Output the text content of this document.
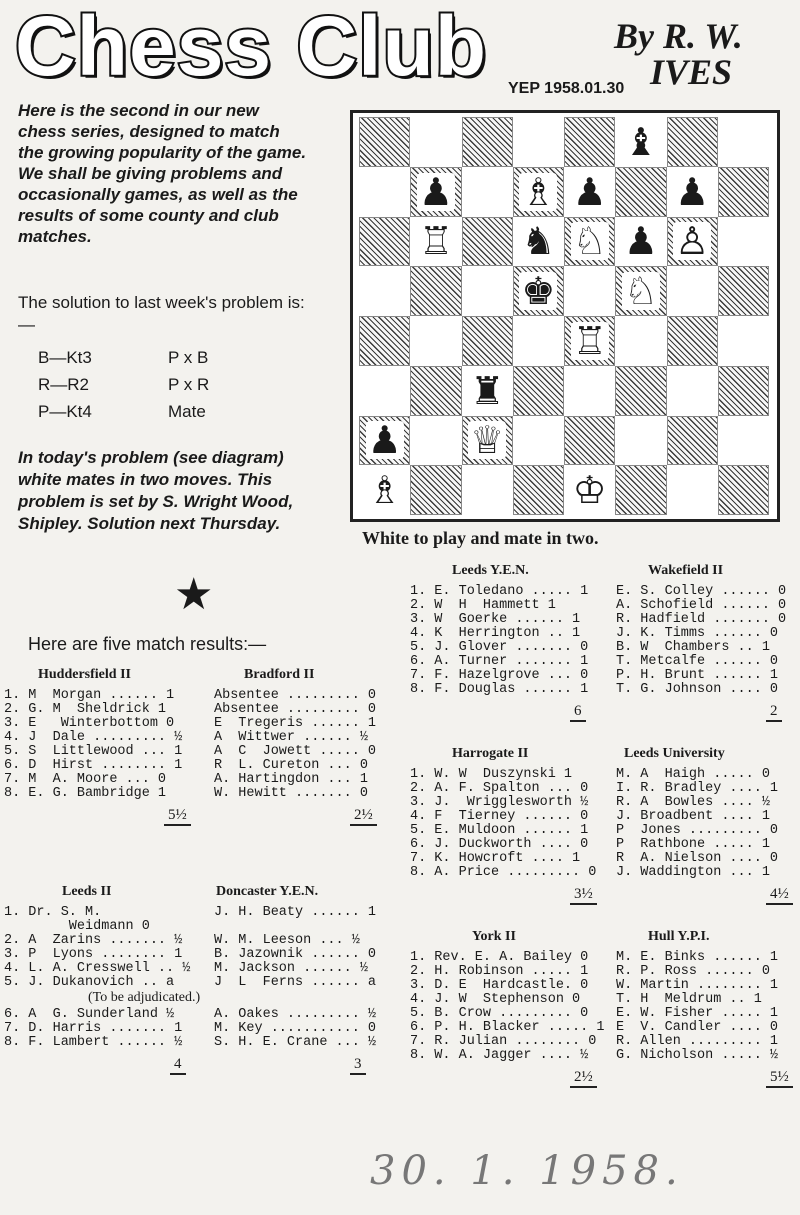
Chess Club	By R. W.
IVES
YEP 1958.01.30

Here is the second in our new chess series, designed to match the growing popularity of the game. We shall be giving problems and occasionally games, as well as the results of some county and club matches.

The solution to last week's problem is:—
B—Kt3	P x B
R—R2	P x R
P—Kt4	Mate
In today's problem (see diagram) white mates in two moves. This problem is set by S. Wright Wood, Shipley. Solution next Thursday.
♝
♟ ♗ ♟ ♟
♖ ♞ ♘ ♟ ♙
♚ ♘
♖
♜
♟ ♕
♗	♔
White to play and mate in two.
★
Here are five match results:—
Huddersfield II	Bradford II
1. M  Morgan ...... 1
2. G. M  Sheldrick 1
3. E   Winterbottom 0
4. J  Dale ......... ½
5. S  Littlewood ... 1
6. D  Hirst ........ 1
7. M  A. Moore ... 0
8. E. G. Bambridge 1
5½
Absentee ......... 0
Absentee ......... 0
E  Tregeris ...... 1
A  Wittwer ...... ½
A  C  Jowett ..... 0
R  L. Cureton ... 0
A. Hartingdon ... 1
W. Hewitt ....... 0
2½
Leeds II	Doncaster Y.E.N.
1. Dr. S. M.
Weidmann 0
2. A  Zarins ....... ½
3. P  Lyons ........ 1
4. L. A. Cresswell .. ½
5. J. Dukanovich .. a
(To be adjudicated.)
6. A  G. Sunderland ½
7. D. Harris ....... 1
8. F. Lambert ...... ½
4
J. H. Beaty ...... 1
W. M. Leeson ... ½
B. Jazownik ...... 0
M. Jackson ...... ½
J  L  Ferns ...... a
A. Oakes ......... ½
M. Key ........... 0
S. H. E. Crane ... ½
3
Leeds Y.E.N.	Wakefield II
1. E. Toledano ..... 1
2. W  H  Hammett 1
3. W  Goerke ...... 1
4. K  Herrington .. 1
5. J. Glover ....... 0
6. A. Turner ....... 1
7. F. Hazelgrove ... 0
8. F. Douglas ...... 1
6
E. S. Colley ...... 0
A. Schofield ...... 0
R. Hadfield ....... 0
J. K. Timms ...... 0
B. W  Chambers .. 1
T. Metcalfe ...... 0
P. H. Brunt ...... 1
T. G. Johnson .... 0
2
Harrogate II	Leeds University
1. W. W  Duszynski 1
2. A. F. Spalton ... 0
3. J.  Wrigglesworth ½
4. F  Tierney ...... 0
5. E. Muldoon ...... 1
6. J. Duckworth .... 0
7. K. Howcroft .... 1
8. A. Price ......... 0
3½
M. A  Haigh ..... 0
I. R. Bradley .... 1
R. A  Bowles .... ½
J. Broadbent .... 1
P  Jones ......... 0
P  Rathbone ..... 1
R  A. Nielson .... 0
J. Waddington ... 1
4½
York II	Hull Y.P.I.
1. Rev. E. A. Bailey 0
2. H. Robinson ..... 1
3. D. E  Hardcastle. 0
4. J. W  Stephenson 0
5. B. Crow ......... 0
6. P. H. Blacker ..... 1
7. R. Julian ........ 0
8. W. A. Jagger .... ½
2½
M. E. Binks ...... 1
R. P. Ross ...... 0
W. Martin ........ 1
T. H  Meldrum .. 1
E. W. Fisher ..... 1
E  V. Candler .... 0
R. Allen ......... 1
G. Nicholson ..... ½
5½
30. 1. 1958.
